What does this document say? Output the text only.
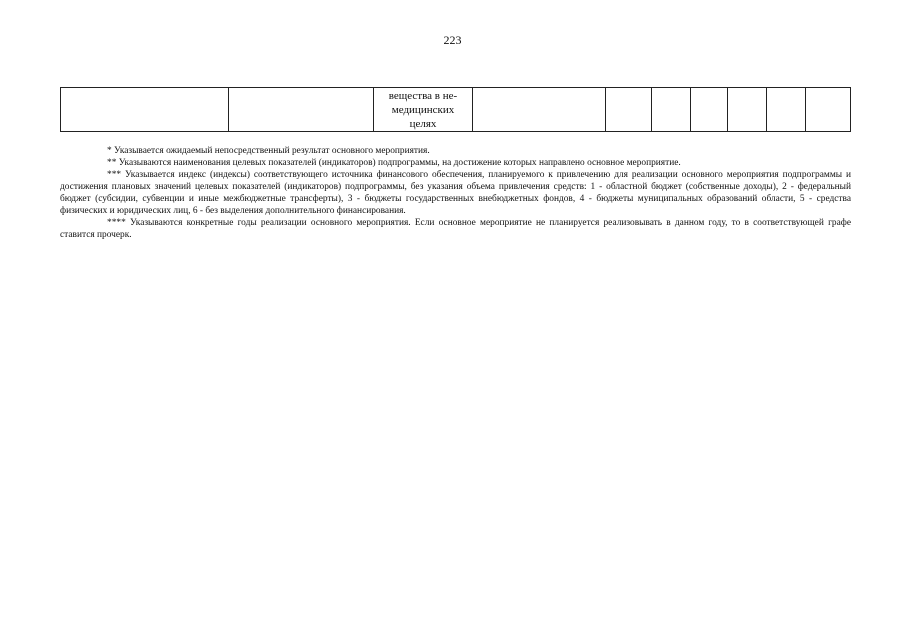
223

вещества в не-
медицинских
целях

* Указывается ожидаемый непосредственный результат основного мероприятия.

** Указываются наименования целевых показателей (индикаторов) подпрограммы, на достижение которых направлено основное мероприятие.

*** Указывается индекс (индексы) соответствующего источника финансового обеспечения, планируемого к привлечению для реализации основного мероприятия подпрограммы и достижения плановых значений целевых показателей (индикаторов) подпрограммы, без указания объема привлечения средств: 1 - областной бюджет (собственные доходы), 2 - федеральный бюджет (субсидии, субвенции и иные межбюджетные трансферты), 3 - бюджеты государственных внебюджетных фондов, 4 - бюджеты муниципальных образований области, 5 - средства физических и юридических лиц, 6 - без выделения дополнительного финансирования.

**** Указываются конкретные годы реализации основного мероприятия. Если основное мероприятие не планируется реализовывать в данном году, то в соответствующей графе ставится прочерк.
